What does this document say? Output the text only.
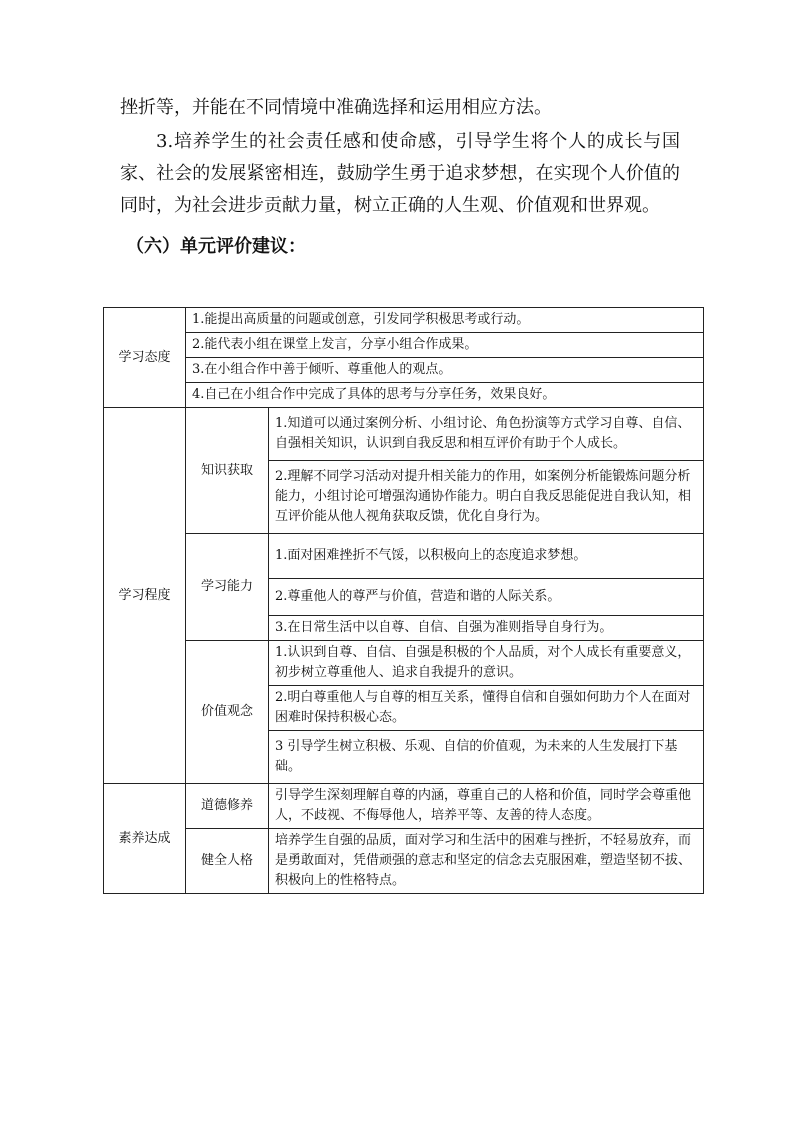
挫折等，并能在不同情境中准确选择和运用相应方法。

3.培养学生的社会责任感和使命感，引导学生将个人的成长与国家、社会的发展紧密相连，鼓励学生勇于追求梦想，在实现个人价值的同时，为社会进步贡献力量，树立正确的人生观、价值观和世界观。

（六）单元评价建议：
学习态度	1.能提出高质量的问题或创意，引发同学积极思考或行动。	
	2.能代表小组在课堂上发言，分享小组合作成果。	
	3.在小组合作中善于倾听、尊重他人的观点。	
	4.自己在小组合作中完成了具体的思考与分享任务，效果良好。	
学习程度	知识获取	1.知道可以通过案例分析、小组讨论、角色扮演等方式学习自尊、自信、自强相关知识，认识到自我反思和相互评价有助于个人成长。
		2.理解不同学习活动对提升相关能力的作用，如案例分析能锻炼问题分析能力，小组讨论可增强沟通协作能力。明白自我反思能促进自我认知，相互评价能从他人视角获取反馈，优化自身行为。
	学习能力	1.面对困难挫折不气馁，以积极向上的态度追求梦想。
		2.尊重他人的尊严与价值，营造和谐的人际关系。
		3.在日常生活中以自尊、自信、自强为准则指导自身行为。
	价值观念	1.认识到自尊、自信、自强是积极的个人品质，对个人成长有重要意义，初步树立尊重他人、追求自我提升的意识。
		2.明白尊重他人与自尊的相互关系，懂得自信和自强如何助力个人在面对困难时保持积极心态。
		3 引导学生树立积极、乐观、自信的价值观，为未来的人生发展打下基础。
素养达成	道德修养	引导学生深刻理解自尊的内涵，尊重自己的人格和价值，同时学会尊重他人，不歧视、不侮辱他人，培养平等、友善的待人态度。
	健全人格	培养学生自强的品质，面对学习和生活中的困难与挫折，不轻易放弃，而是勇敢面对，凭借顽强的意志和坚定的信念去克服困难，塑造坚韧不拔、积极向上的性格特点。
